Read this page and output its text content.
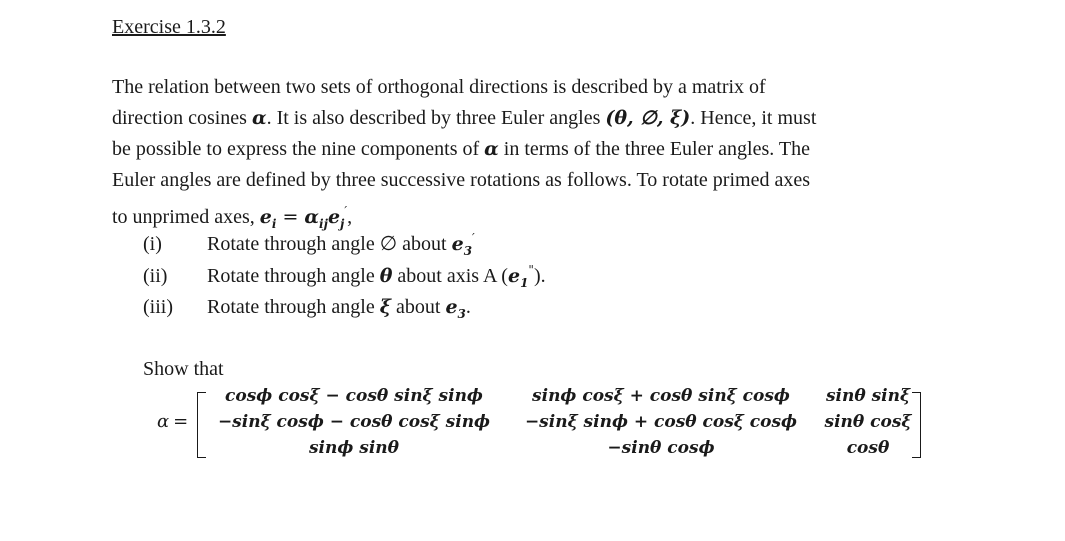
Exercise 1.3.2
The relation between two sets of orthogonal directions is described by a matrix of
direction cosines α. It is also described by three Euler angles (θ, ∅, ξ). Hence, it must
be possible to express the nine components of α in terms of the three Euler angles. The
Euler angles are defined by three successive rotations as follows. To rotate primed axes
to unprimed axes, $e_i = \alpha_{ij}e_j'$,
(i) Rotate through angle ∅ about $e_3'$
(ii) Rotate through angle θ about axis A $(e_1^")$.
(iii) Rotate through angle ξ about $e_3$.
Show that
α =
cosϕ cosξ − cosθ sinξ sinϕ	sinϕ cosξ + cosθ sinξ cosϕ	sinθ sinξ
−sinξ cosϕ − cosθ cosξ sinϕ	−sinξ sinϕ + cosθ cosξ cosϕ	sinθ cosξ
sinϕ sinθ	−sinθ cosϕ	cosθ
